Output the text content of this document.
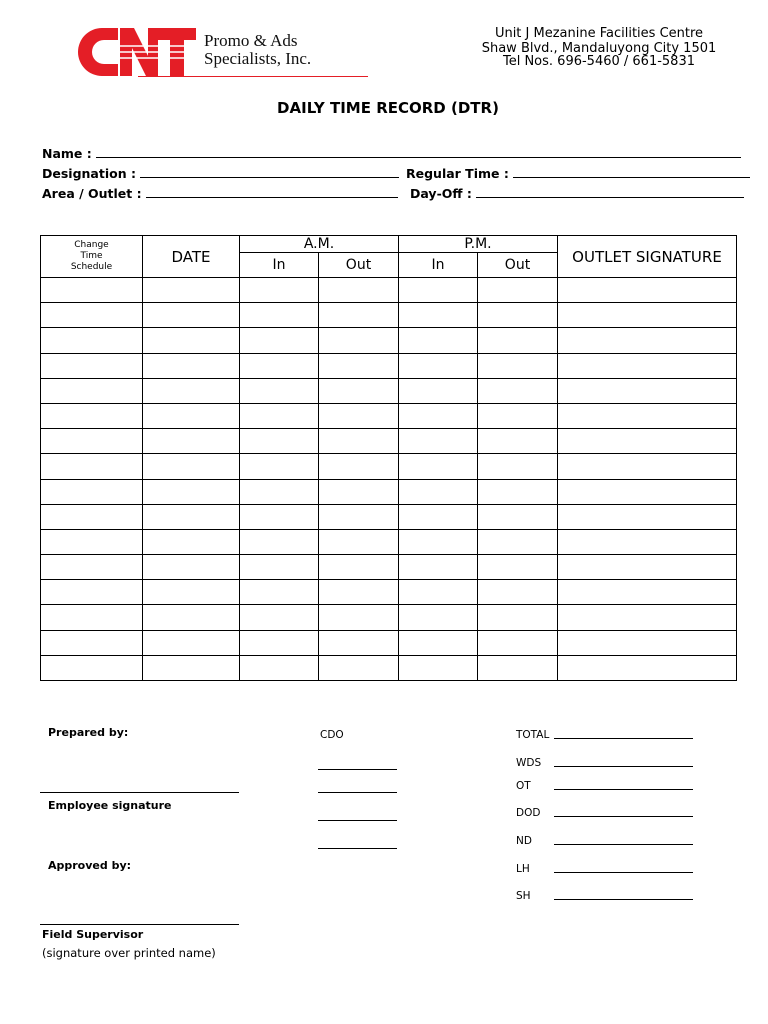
Promo & Ads
Specialists, Inc.
Unit J Mezanine Facilities Centre
Shaw Blvd., Mandaluyong City 1501
Tel Nos. 696-5460 / 661-5831
DAILY TIME RECORD (DTR)
Name :
Designation :	Regular Time :
Area / Outlet :	Day-Off :
Change
Time
Schedule	DATE	A.M.		P.M.		OUTLET SIGNATURE
		In	Out	In	Out	

Prepared by:
Employee signature
Approved by:
Field Supervisor
(signature over printed name)
CDO	TOTAL
WDS
OT
DOD
ND
LH
SH
